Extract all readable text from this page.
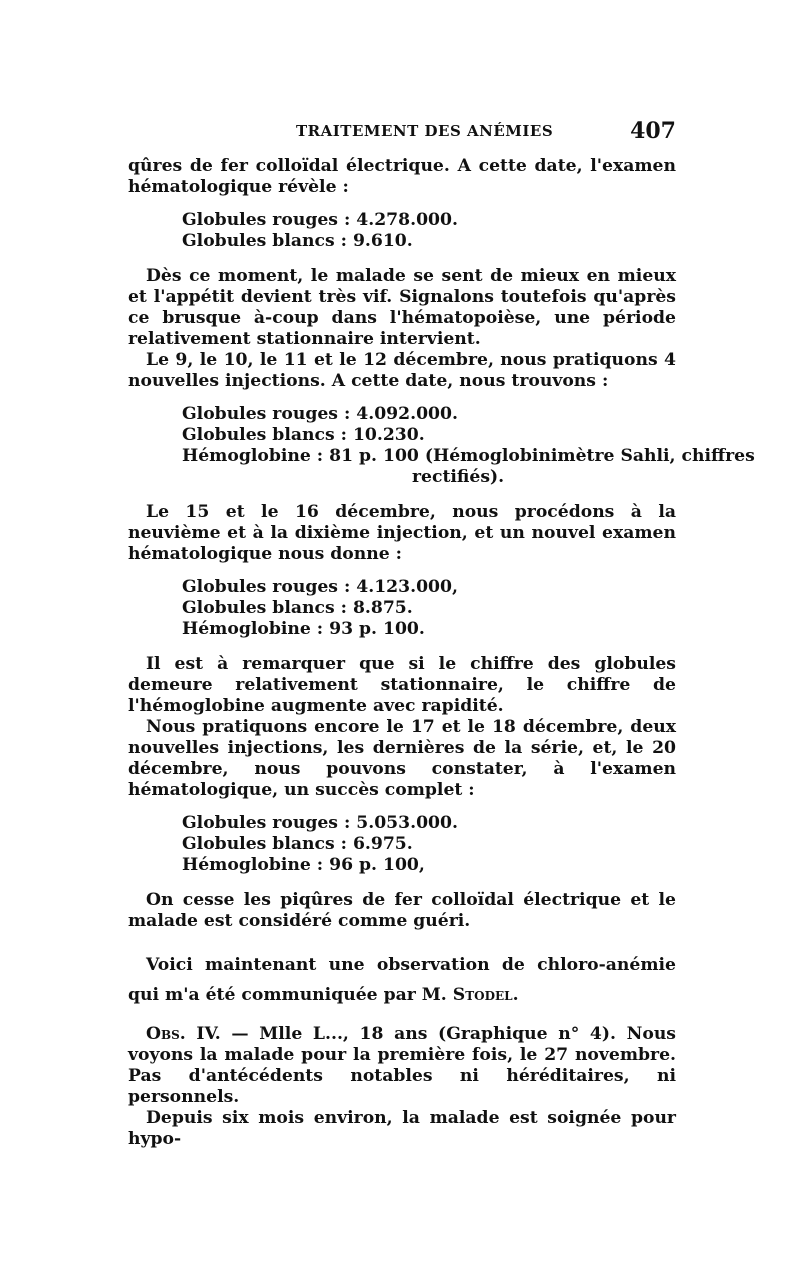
TRAITEMENT DES ANÉMIES	407

qûres de fer colloïdal électrique. A cette date, l'examen hématologique révèle :

Globules rouges : 4.278.000.
Globules blancs : 9.610.

Dès ce moment, le malade se sent de mieux en mieux et l'appétit devient très vif. Signalons toutefois qu'après ce brusque à-coup dans l'hématopoièse, une période relativement stationnaire intervient.

Le 9, le 10, le 11 et le 12 décembre, nous pratiquons 4 nouvelles injections. A cette date, nous trouvons :

Globules rouges : 4.092.000.
Globules blancs : 10.230.
Hémoglobine : 81 p. 100 (Hémoglobinimètre Sahli, chiffres
rectifiés).

Le 15 et le 16 décembre, nous procédons à la neuvième et à la dixième injection, et un nouvel examen hématologique nous donne :

Globules rouges : 4.123.000,
Globules blancs : 8.875.
Hémoglobine : 93 p. 100.

Il est à remarquer que si le chiffre des globules demeure relativement stationnaire, le chiffre de l'hémoglobine augmente avec rapidité.

Nous pratiquons encore le 17 et le 18 décembre, deux nouvelles injections, les dernières de la série, et, le 20 décembre, nous pouvons constater, à l'examen hématologique, un succès complet :

Globules rouges : 5.053.000.
Globules blancs : 6.975.
Hémoglobine : 96 p. 100,

On cesse les piqûres de fer colloïdal électrique et le malade est considéré comme guéri.

Voici maintenant une observation de chloro-anémie qui m'a été communiquée par M. Stodel.

Obs. IV. — Mlle L..., 18 ans (Graphique n° 4). Nous voyons la malade pour la première fois, le 27 novembre. Pas d'antécédents notables ni héréditaires, ni personnels.

Depuis six mois environ, la malade est soignée pour hypo-
